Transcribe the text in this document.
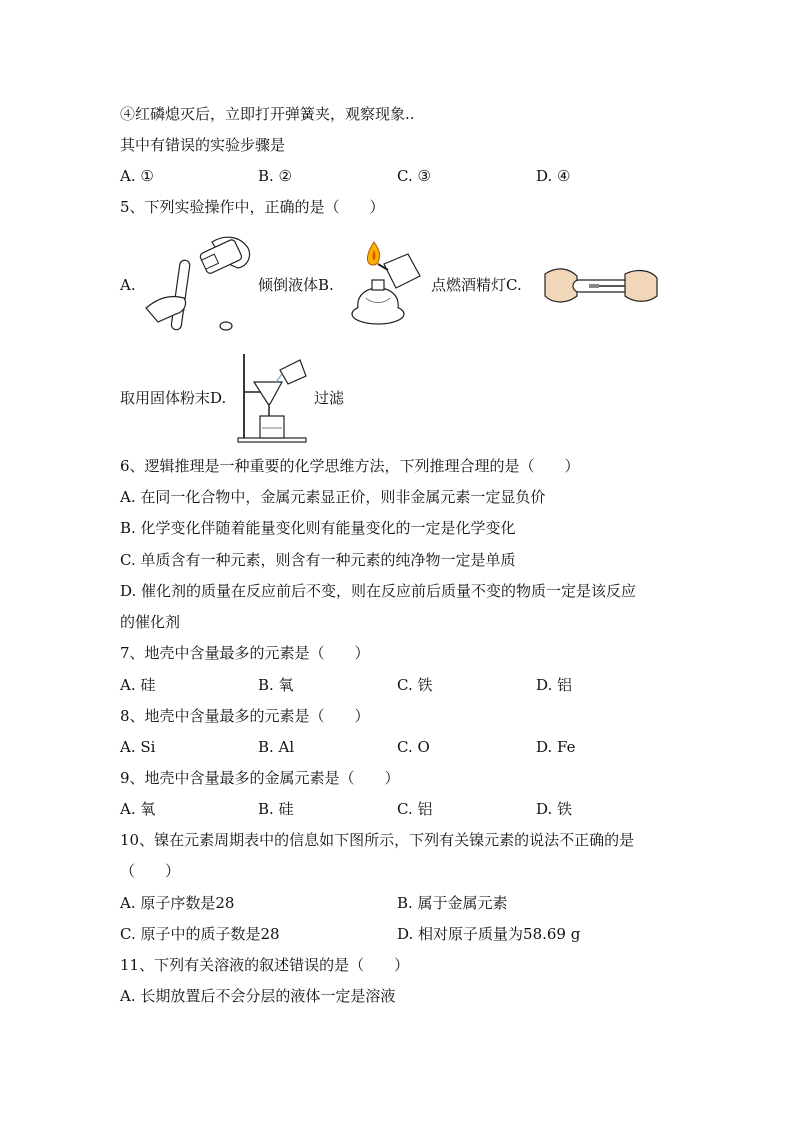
④红磷熄灭后，立即打开弹簧夹，观察现象..
其中有错误的实验步骤是
A. ①	B. ②	C. ③	D. ④
5、下列实验操作中，正确的是（　　）
A.	倾倒液体B.	点燃酒精灯C.
取用固体粉末D.	过滤
6、逻辑推理是一种重要的化学思维方法，下列推理合理的是（　　）
A. 在同一化合物中，金属元素显正价，则非金属元素一定显负价
B. 化学变化伴随着能量变化则有能量变化的一定是化学变化
C. 单质含有一种元素，则含有一种元素的纯净物一定是单质
D. 催化剂的质量在反应前后不变，则在反应前后质量不变的物质一定是该反应
的催化剂
7、地壳中含量最多的元素是（　　）
A. 硅	B. 氧	C. 铁	D. 铝
8、地壳中含量最多的元素是（　　）
A. Si	B. Al	C. O	D. Fe
9、地壳中含量最多的金属元素是（　　）
A. 氧	B. 硅	C. 铝	D. 铁
10、镍在元素周期表中的信息如下图所示，下列有关镍元素的说法不正确的是
（　　）
A. 原子序数是28	B. 属于金属元素
C. 原子中的质子数是28	D. 相对原子质量为58.69 g
11、下列有关溶液的叙述错误的是（　　）
A. 长期放置后不会分层的液体一定是溶液
